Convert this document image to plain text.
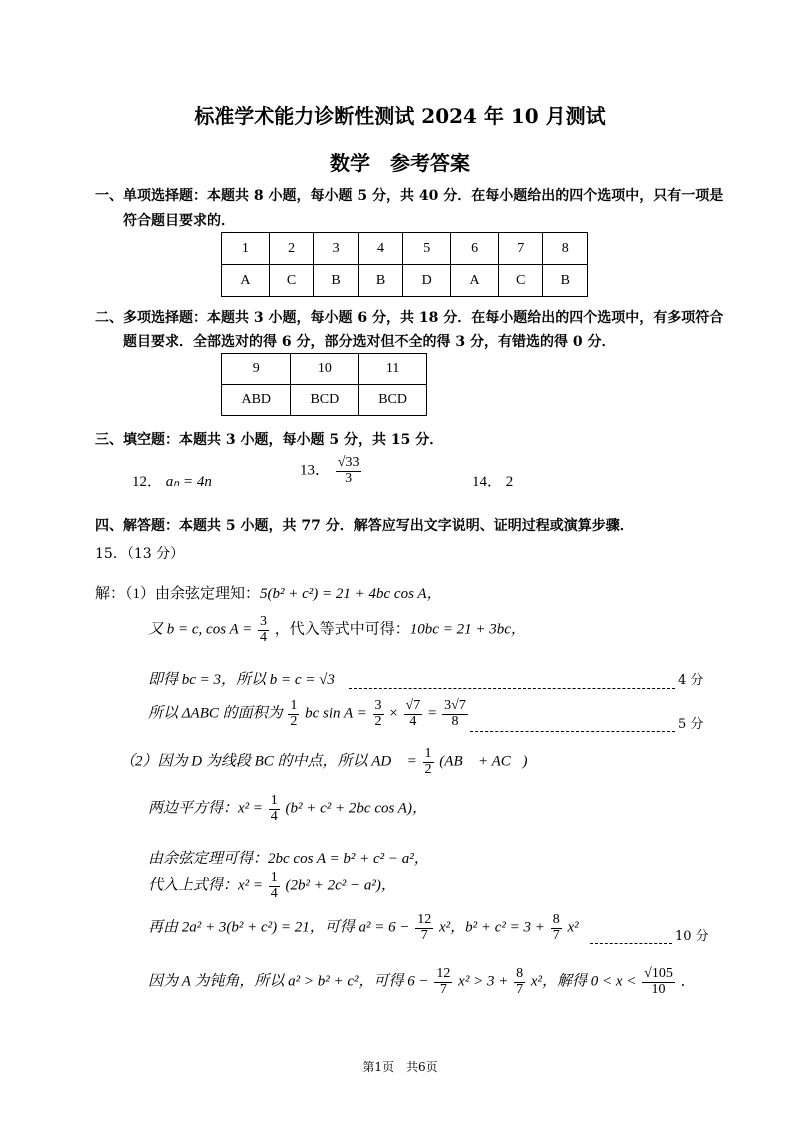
标准学术能力诊断性测试 2024 年 10 月测试
数学 参考答案
一、单项选择题：本题共 8 小题，每小题 5 分，共 40 分．在每小题给出的四个选项中，只有一项是
符合题目要求的．
1	2	3	4	5	6	7	8
A	C	B	B	D	A	C	B
二、多项选择题：本题共 3 小题，每小题 6 分，共 18 分．在每小题给出的四个选项中，有多项符合
题目要求．全部选对的得 6 分，部分选对但不全的得 3 分，有错选的得 0 分．
9	10	11
ABD	BCD	BCD
三、填空题：本题共 3 小题，每小题 5 分，共 15 分．
12． aₙ = 4n
13． $\frac{√33}{3}$	14． 2
四、解答题：本题共 5 小题，共 77 分．解答应写出文字说明、证明过程或演算步骤．
15．（13 分）
解：（1）由余弦定理知：5(b² + c²) = 21 + 4bc cos A，
又 b = c, $\cos A = \frac{3}{4}$ ，代入等式中可得：10bc = 21 + 3bc，
即得 bc = 3，所以 b = c = √3	4 分
所以 ΔABC 的面积为 $\frac{1}{2}$ bc $\sin A = \frac{3}{2} \times \frac{√7}{4} = \frac{3√7}{8}$	5 分
（2）因为 D 为线段 BC 的中点，所以 AD⃗ = $\frac{1}{2}$ (AB⃗ + AC⃗)，
两边平方得：$x^2 = \frac{1}{4} (b^2 + c^2 + 2bc$ cos A)，
由余弦定理可得：2bc cos A = b² + c² − a²，
代入上式得：$x^2 = \frac{1}{4} (2b^2 + 2c^2 - a^2)$，
再由 2a² + 3(b² + c²) = 21，可得 $a^2 = 6 - \frac{12}{7} x^2$，$b^2 + c^2 = 3 + \frac{8}{7} x^2$
10 分
因为 A 为钝角，所以 a² > b² + c²，可得 $6 - \frac{12}{7} x^2 > 3 + \frac{8}{7} x^2$，解得 $0 < x < \frac{√105}{10}$ ．
第1页　共6页
